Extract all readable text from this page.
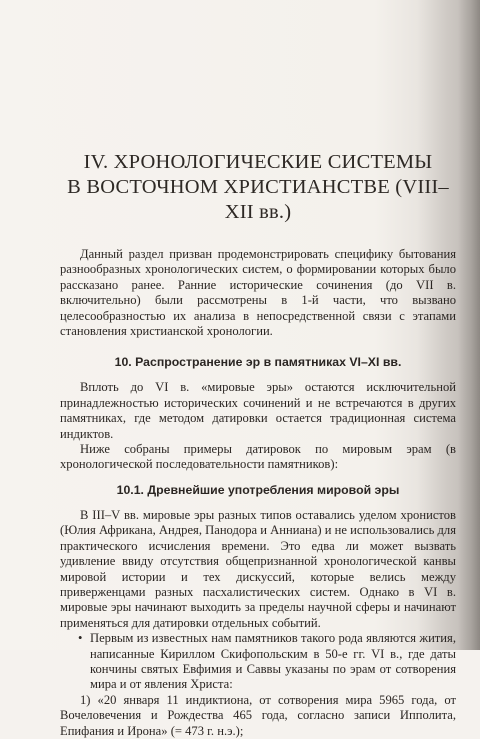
IV. ХРОНОЛОГИЧЕСКИЕ СИСТЕМЫ
В ВОСТОЧНОМ ХРИСТИАНСТВЕ (VIII–XII вв.)

Данный раздел призван продемонстрировать специфику бытования разнообразных хронологических систем, о формировании которых было рассказано ранее. Ранние исторические сочинения (до VII в. включительно) были рассмотрены в 1-й части, что вызвано целесообразностью их анализа в непосредственной связи с этапами становления христианской хронологии.

10. Распространение эр в памятниках VI–XI вв.

Вплоть до VI в. «мировые эры» остаются исключительной принадлежностью исторических сочинений и не встречаются в других памятниках, где методом датировки остается традиционная система индиктов.

Ниже собраны примеры датировок по мировым эрам (в хронологической последовательности памятников):

10.1. Древнейшие употребления мировой эры

В III–V вв. мировые эры разных типов оставались уделом хронистов (Юлия Африкана, Андрея, Панодора и Анниана) и не использовались для практического исчисления времени. Это едва ли может вызвать удивление ввиду отсутствия общепризнанной хронологической канвы мировой истории и тех дискуссий, которые велись между приверженцами разных пасхалистических систем. Однако в VI в. мировые эры начинают выходить за пределы научной сферы и начинают применяться для датировки отдельных событий.

• Первым из известных нам памятников такого рода являются жития, написанные Кириллом Скифопольским в 50-е гг. VI в., где даты кончины святых Евфимия и Саввы указаны по эрам от сотворения мира и от явления Христа:

1) «20 января 11 индиктиона, от сотворения мира 5965 года, от Вочеловечения и Рождества 465 года, согласно записи Ипполита, Епифания и Ирона» (= 473 г. н.э.);
